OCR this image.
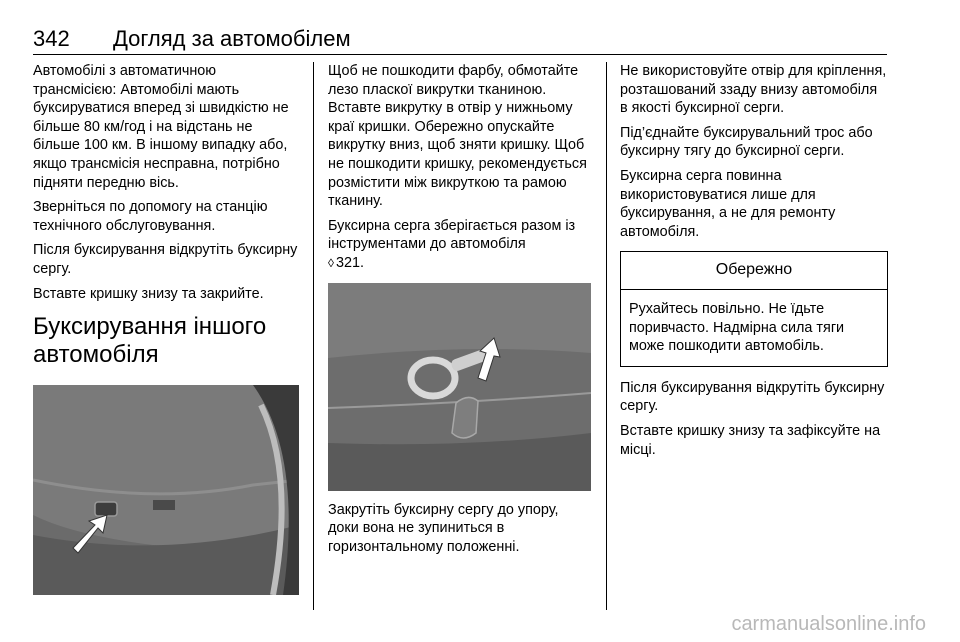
342 Догляд за автомобілем

Автомобілі з автоматичною трансмісією: Автомобілі мають буксируватися вперед зі швидкістю не більше 80 км/год і на відстань не більше 100 км. В іншому випадку або, якщо трансмісія несправна, потрібно підняти передню вісь.

Зверніться по допомогу на станцію технічного обслуговування.

Після буксирування відкрутіть буксирну сергу.

Вставте кришку знизу та закрийте.

Буксирування іншого автомобіля

Щоб не пошкодити фарбу, обмотайте лезо пласкої викрутки тканиною. Вставте викрутку в отвір у нижньому краї кришки. Обережно опускайте викрутку вниз, щоб зняти кришку. Щоб не пошкодити кришку, рекомендується розмістити між викруткою та рамою тканину.

Буксирна серга зберігається разом із інструментами до автомобіля
◊ 321.

Закрутіть буксирну сергу до упору, доки вона не зупиниться в горизонтальному положенні.

Не використовуйте отвір для кріплення, розташований ззаду внизу автомобіля в якості буксирної серги.

Під’єднайте буксирувальний трос або буксирну тягу до буксирної серги.

Буксирна серга повинна використовуватися лише для буксирування, а не для ремонту автомобіля.

Обережно
Рухайтесь повільно. Не їдьте поривчасто. Надмірна сила тяги може пошкодити автомобіль.

Після буксирування відкрутіть буксирну сергу.

Вставте кришку знизу та зафіксуйте на місці.

carmanualsonline.info
